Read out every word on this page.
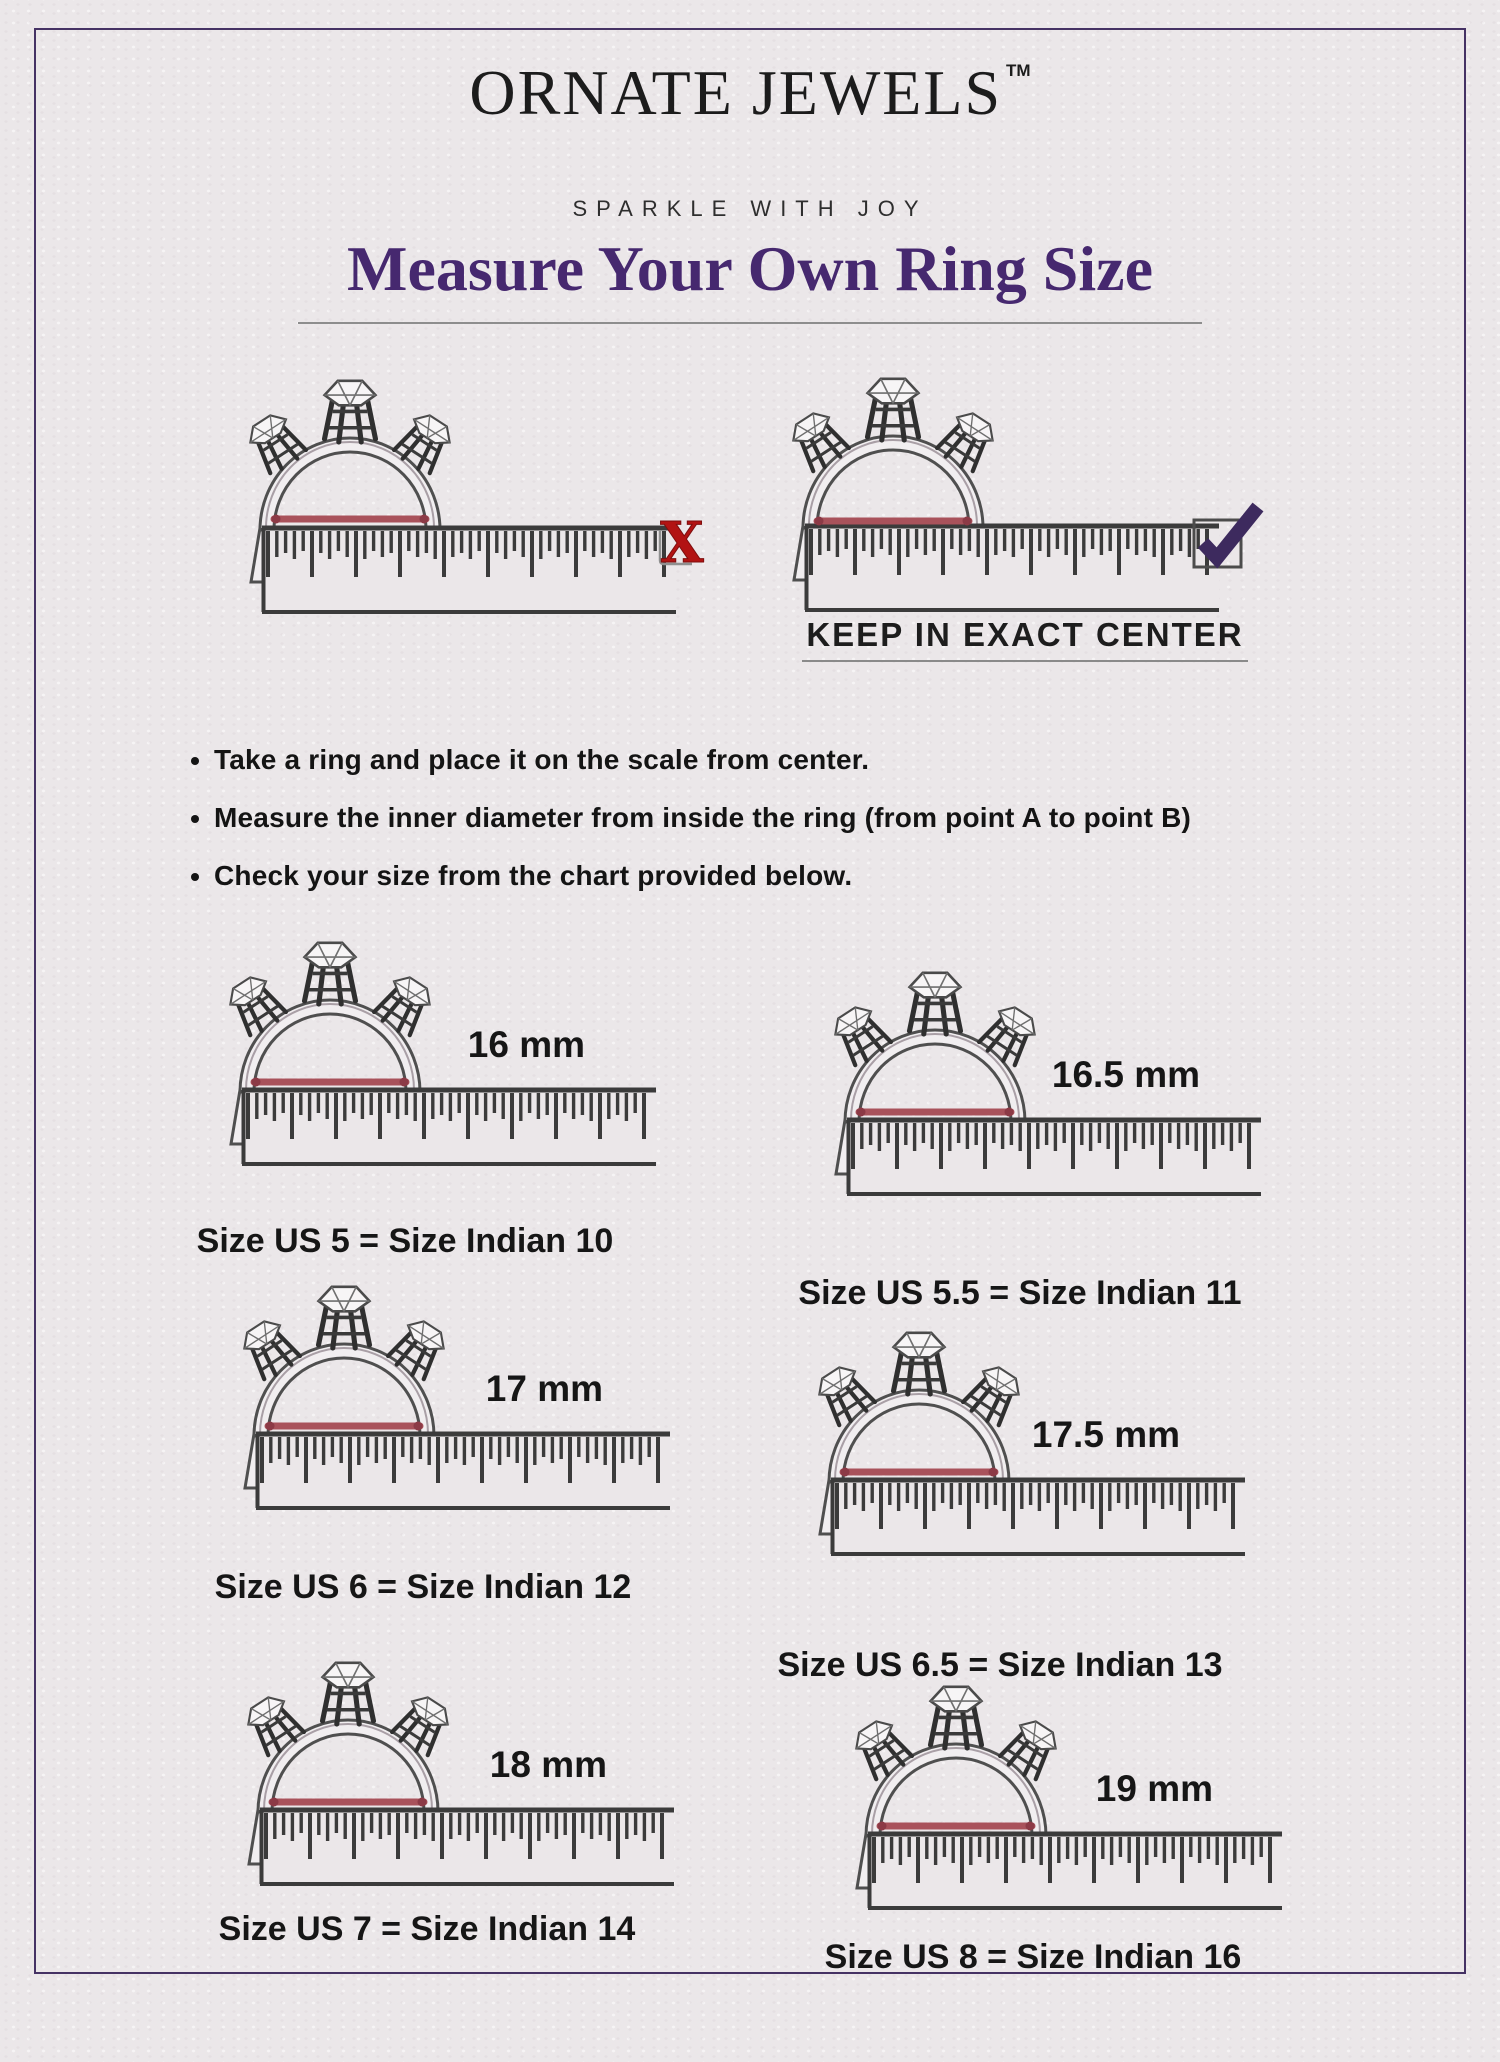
ORNATE JEWELS ™
SPARKLE WITH JOY
Measure Your Own Ring Size
X
KEEP IN EXACT CENTER
• Take a ring and place it on the scale from center.
• Measure the inner diameter from inside the ring (from point A to point B)
• Check your size from the chart provided below.
16 mm
Size US 5 = Size Indian 10
16.5 mm
Size US 5.5 = Size Indian 11
17 mm
Size US 6 = Size Indian 12
17.5 mm
Size US 6.5 = Size Indian 13
18 mm
Size US 7 = Size Indian 14
19 mm
Size US 8 = Size Indian 16
